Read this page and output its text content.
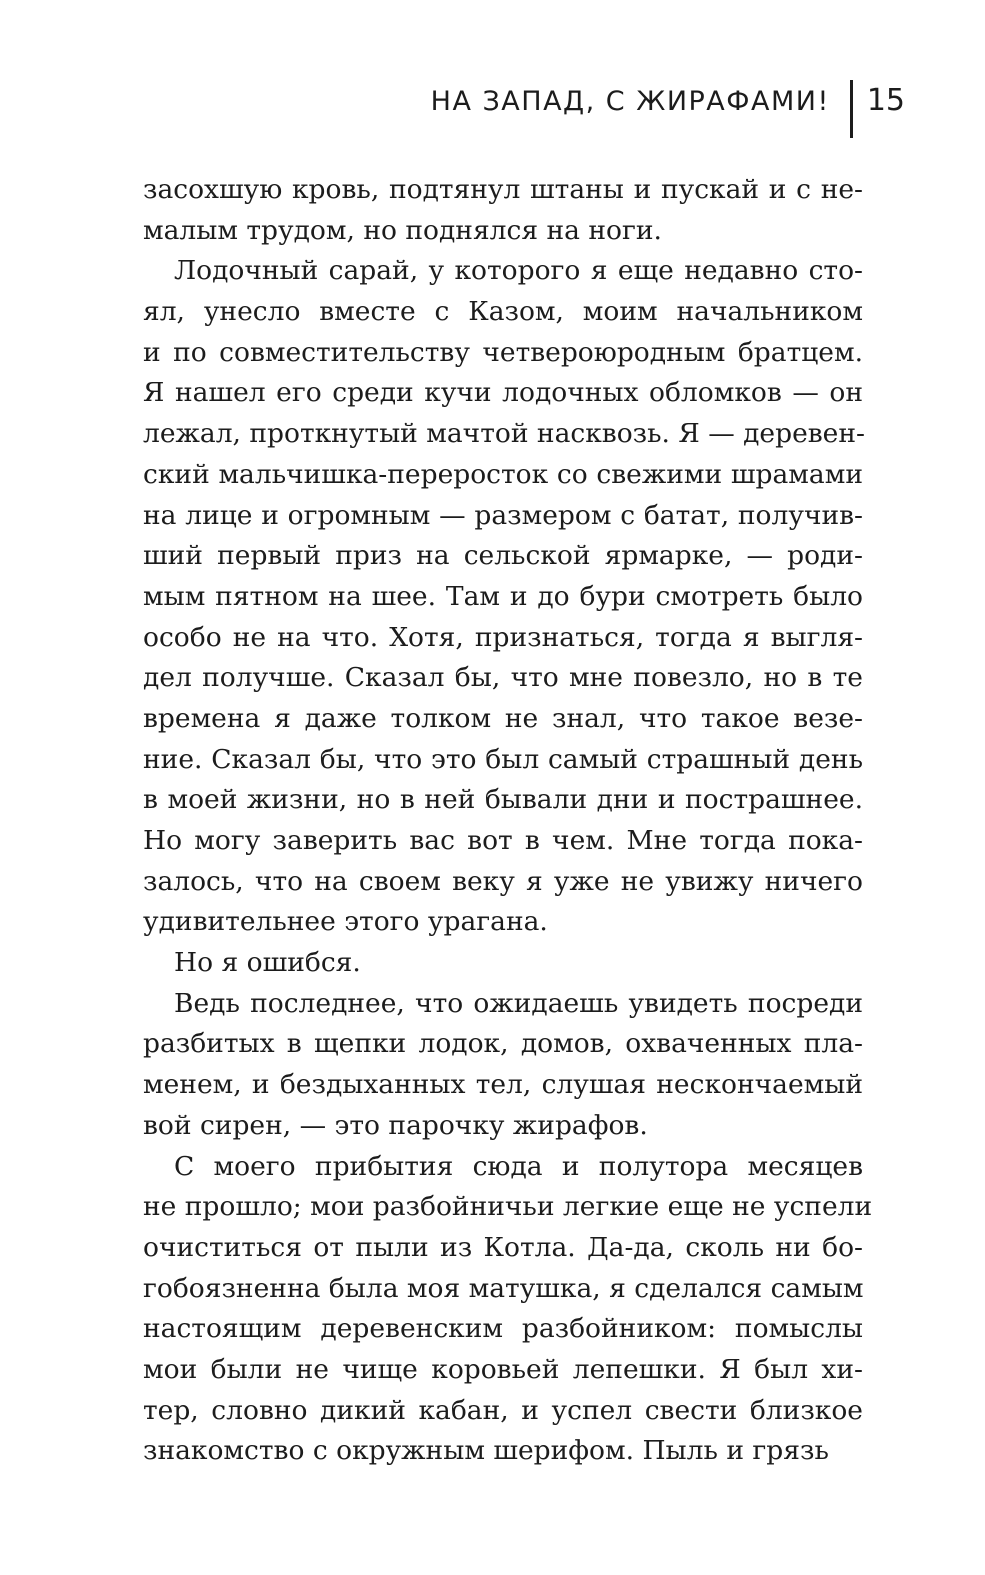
НА ЗАПАД, С ЖИРАФАМИ! 15

засохшую кровь, подтянул штаны и пускай и с не-
малым трудом, но поднялся на ноги.

Лодочный сарай, у которого я еще недавно сто-
ял, унесло вместе с Казом, моим начальником
и по совместительству четвероюродным братцем.
Я нашел его среди кучи лодочных обломков — он
лежал, проткнутый мачтой насквозь. Я — деревен-
ский мальчишка-переросток со свежими шрамами
на лице и огромным — размером с батат, получив-
ший первый приз на сельской ярмарке, — роди-
мым пятном на шее. Там и до бури смотреть было
особо не на что. Хотя, признаться, тогда я выгля-
дел получше. Сказал бы, что мне повезло, но в те
времена я даже толком не знал, что такое везе-
ние. Сказал бы, что это был самый страшный день
в моей жизни, но в ней бывали дни и пострашнее.
Но могу заверить вас вот в чем. Мне тогда пока-
залось, что на своем веку я уже не увижу ничего
удивительнее этого урагана.

Но я ошибся.

Ведь последнее, что ожидаешь увидеть посреди
разбитых в щепки лодок, домов, охваченных пла-
менем, и бездыханных тел, слушая нескончаемый
вой сирен, — это парочку жирафов.

С моего прибытия сюда и полутора месяцев
не прошло; мои разбойничьи легкие еще не успели
очиститься от пыли из Котла. Да-да, сколь ни бо-
гобоязненна была моя матушка, я сделался самым
настоящим деревенским разбойником: помыслы
мои были не чище коровьей лепешки. Я был хи-
тер, словно дикий кабан, и успел свести близкое
знакомство с окружным шерифом. Пыль и грязь
